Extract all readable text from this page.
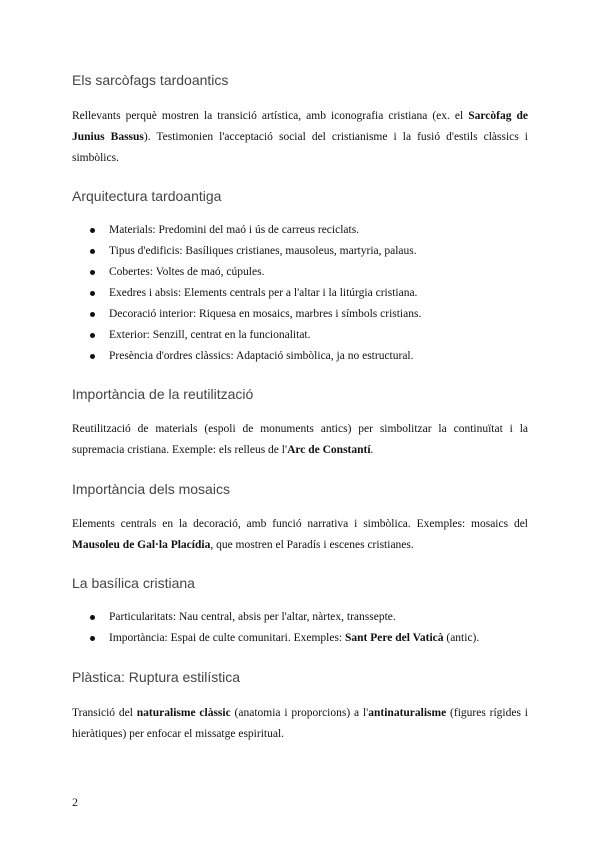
Els sarcòfags tardoantics
Rellevants perquè mostren la transició artística, amb iconografia cristiana (ex. el Sarcòfag de Junius Bassus). Testimonien l'acceptació social del cristianisme i la fusió d'estils clàssics i simbòlics.
Arquitectura tardoantiga
Materials: Predomini del maó i ús de carreus reciclats.
Tipus d'edificis: Basíliques cristianes, mausoleus, martyria, palaus.
Cobertes: Voltes de maó, cúpules.
Exedres i absis: Elements centrals per a l'altar i la litúrgia cristiana.
Decoració interior: Riquesa en mosaics, marbres i símbols cristians.
Exterior: Senzill, centrat en la funcionalitat.
Presència d'ordres clàssics: Adaptació simbòlica, ja no estructural.
Importància de la reutilització
Reutilització de materials (espoli de monuments antics) per simbolitzar la continuïtat i la supremacia cristiana. Exemple: els relleus de l'Arc de Constantí.
Importància dels mosaics
Elements centrals en la decoració, amb funció narrativa i simbòlica. Exemples: mosaics del Mausoleu de Gal·la Placídia, que mostren el Paradís i escenes cristianes.
La basílica cristiana
Particularitats: Nau central, absis per l'altar, nàrtex, transsepte.
Importància: Espai de culte comunitari. Exemples: Sant Pere del Vaticà (antic).
Plàstica: Ruptura estilística
Transició del naturalisme clàssic (anatomia i proporcions) a l'antinaturalisme (figures rígides i hieràtiques) per enfocar el missatge espiritual.
2
